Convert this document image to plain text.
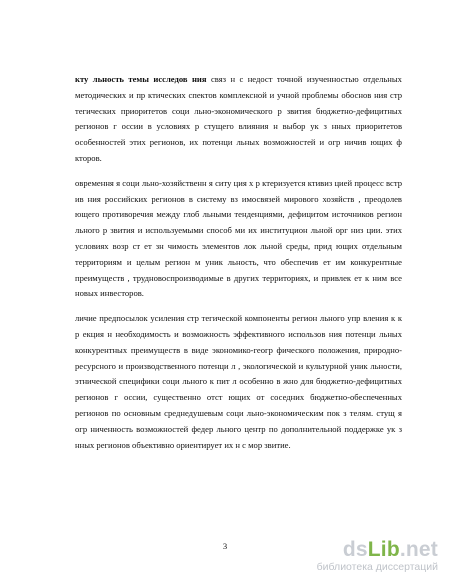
кту льность темы исследов ния связ н с недост точной изученностью отдельных методических и пр ктических спектов комплексной и учной проблемы обоснов ния стр тегических приоритетов соци льно-экономического р звития бюджетно-дефицитных регионов г оссии в условиях р стущего влияния н выбор ук з нных приоритетов особенностей этих регионов, их потенци льных возможностей и огр ничив ющих ф кторов.

овремення я соци льно-хозяйственн я ситу ция х р ктеризуется ктивиз цией процесс встр ив ния российских регионов в систему вз имосвязей мирового хозяйств , преодолев ющего противоречия между глоб льными тенденциями, дефицитом источников регион льного р звития и используемыми способ ми их институцион льной орг низ ции. этих условиях возр ст ет зн чимость элементов лок льной среды, прид ющих отдельным территориям и целым регион м уник льность, что обеспечив ет им конкурентные преимуществ , трудновоспроизводимые в других территориях, и привлек ет к ним все новых инвесторов.

личие предпосылок усиления стр тегической компоненты регион льного упр вления к к р екция н необходимость и возможность эффективного использов ния потенци льных конкурентных преимуществ в виде экономико-геогр фического положения, природно-ресурсного и производственного потенци л , экологической и культурной уник льности, этнической специфики соци льного к пит л особенно в жно для бюджетно-дефицитных регионов г оссии, существенно отст ющих от соседних бюджетно-обеспеченных регионов по основным среднедушевым соци льно-экономическим пок з телям. стущ я огр ниченность возможностей федер льного центр по дополнительной поддержке ук з нных регионов объективно ориентирует их н с мор звитие.

3	dsLib.net
библиотека диссертаций
